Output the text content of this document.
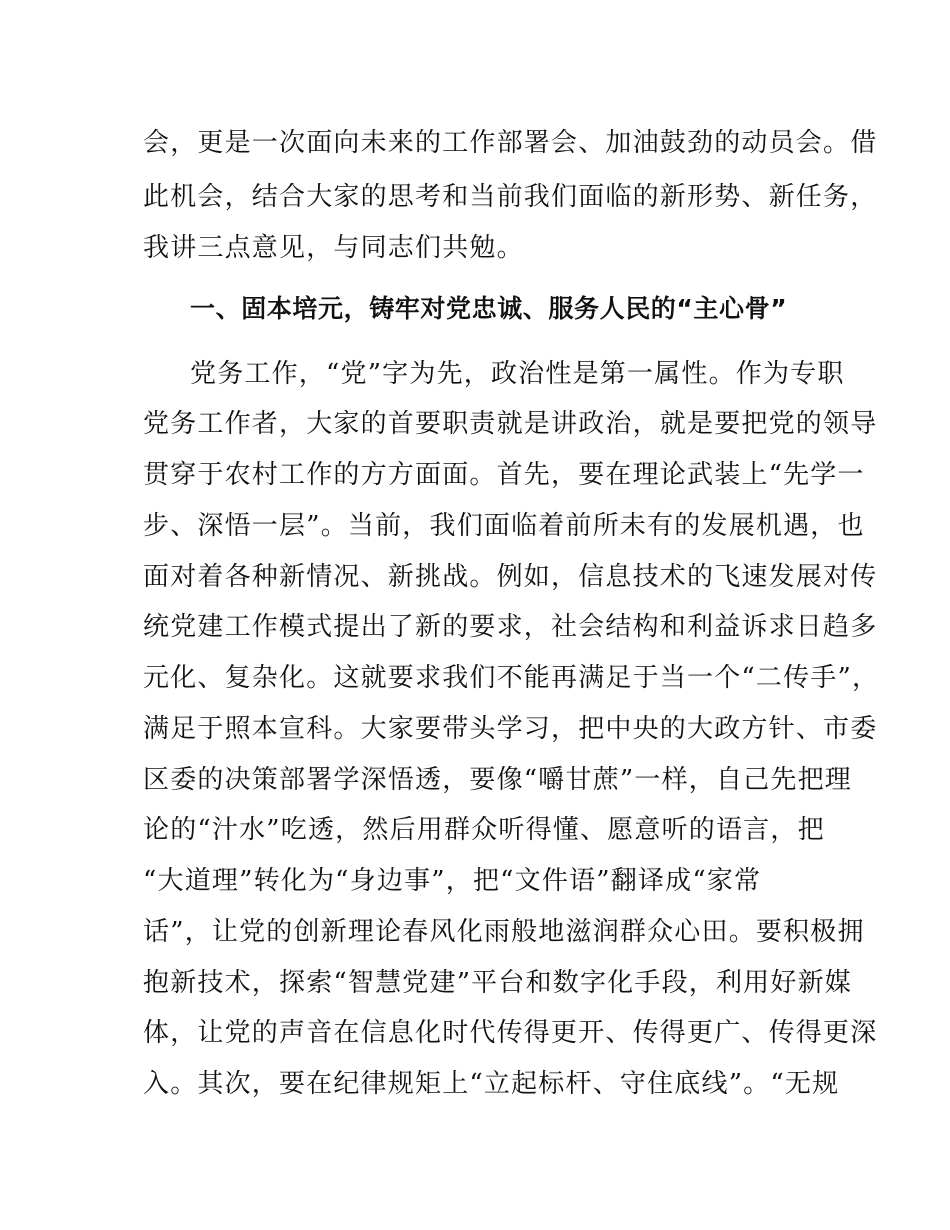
会，更是一次面向未来的工作部署会、加油鼓劲的动员会。借
此机会，结合大家的思考和当前我们面临的新形势、新任务，
我讲三点意见，与同志们共勉。
一、固本培元，铸牢对党忠诚、服务人民的“主心骨”
党务工作，“党”字为先，政治性是第一属性。作为专职
党务工作者，大家的首要职责就是讲政治，就是要把党的领导
贯穿于农村工作的方方面面。首先，要在理论武装上“先学一
步、深悟一层”。当前，我们面临着前所未有的发展机遇，也
面对着各种新情况、新挑战。例如，信息技术的飞速发展对传
统党建工作模式提出了新的要求，社会结构和利益诉求日趋多
元化、复杂化。这就要求我们不能再满足于当一个“二传手”，
满足于照本宣科。大家要带头学习，把中央的大政方针、市委
区委的决策部署学深悟透，要像“嚼甘蔗”一样，自己先把理
论的“汁水”吃透，然后用群众听得懂、愿意听的语言，把
“大道理”转化为“身边事”，把“文件语”翻译成“家常
话”，让党的创新理论春风化雨般地滋润群众心田。要积极拥
抱新技术，探索“智慧党建”平台和数字化手段，利用好新媒
体，让党的声音在信息化时代传得更开、传得更广、传得更深
入。其次，要在纪律规矩上“立起标杆、守住底线”。“无规
